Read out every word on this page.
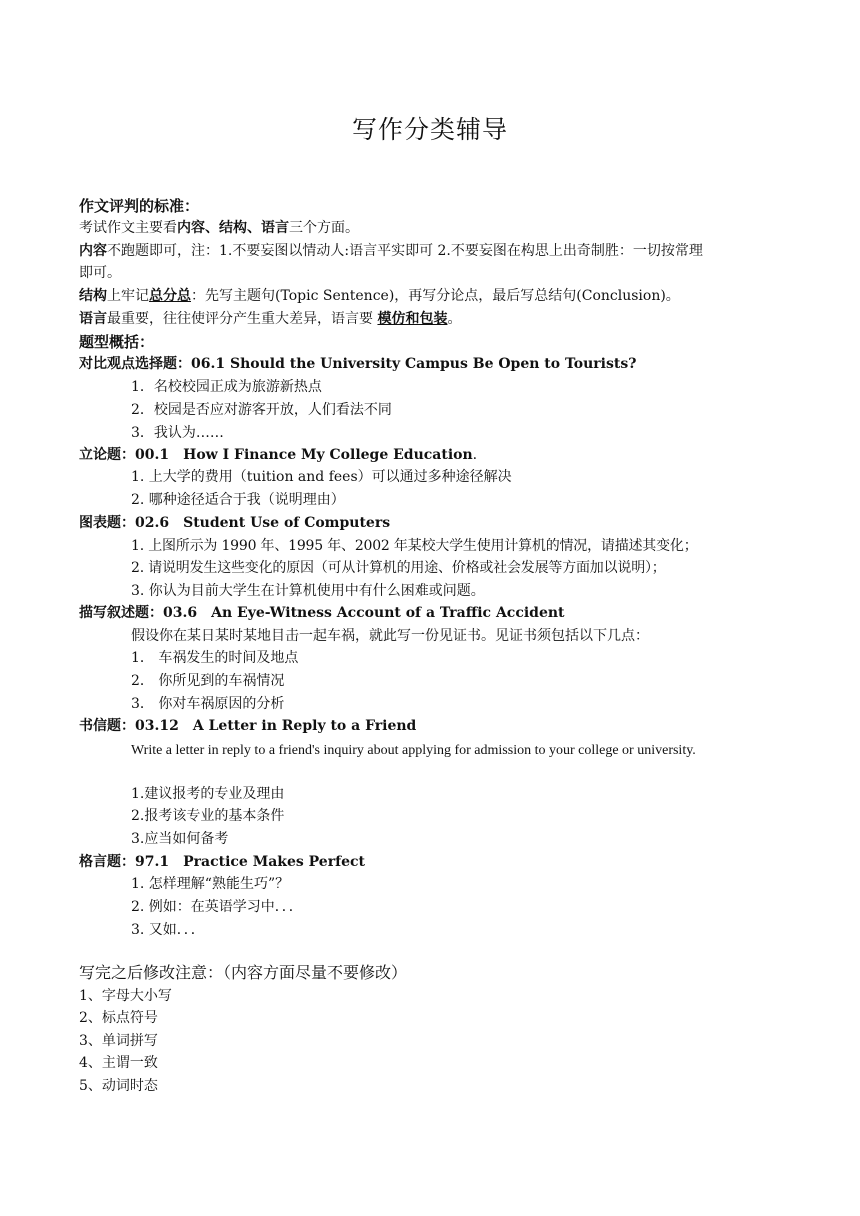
写作分类辅导
作文评判的标准：
考试作文主要看内容、结构、语言三个方面。
内容不跑题即可，注：1.不要妄图以情动人:语言平实即可 2.不要妄图在构思上出奇制胜：一切按常理
即可。
结构上牢记总分总：先写主题句(Topic Sentence)，再写分论点，最后写总结句(Conclusion)。
语言最重要，往往使评分产生重大差异，语言要 模仿和包装。
题型概括：
对比观点选择题：06.1 Should the University Campus Be Open to Tourists?
1．名校校园正成为旅游新热点
2．校园是否应对游客开放，人们看法不同
3．我认为……
立论题：00.1 How I Finance My College Education.
1. 上大学的费用（tuition and fees）可以通过多种途径解决
2. 哪种途径适合于我（说明理由）
图表题：02.6 Student Use of Computers
1. 上图所示为 1990 年、1995 年、2002 年某校大学生使用计算机的情况，请描述其变化；
2. 请说明发生这些变化的原因（可从计算机的用途、价格或社会发展等方面加以说明）；
3. 你认为目前大学生在计算机使用中有什么困难或问题。
描写叙述题：03.6 An Eye-Witness Account of a Traffic Accident
假设你在某日某时某地目击一起车祸，就此写一份见证书。见证书须包括以下几点：
1． 车祸发生的时间及地点
2． 你所见到的车祸情况
3． 你对车祸原因的分析
书信题：03.12 A Letter in Reply to a Friend
Write a letter in reply to a friend's inquiry about applying for admission to your college or university.
1.建议报考的专业及理由
2.报考该专业的基本条件
3.应当如何备考
格言题：97.1 Practice Makes Perfect
1. 怎样理解“熟能生巧”？
2. 例如：在英语学习中．．．
3. 又如．．．
写完之后修改注意：（内容方面尽量不要修改）
1、字母大小写
2、标点符号
3、单词拼写
4、主谓一致
5、动词时态
